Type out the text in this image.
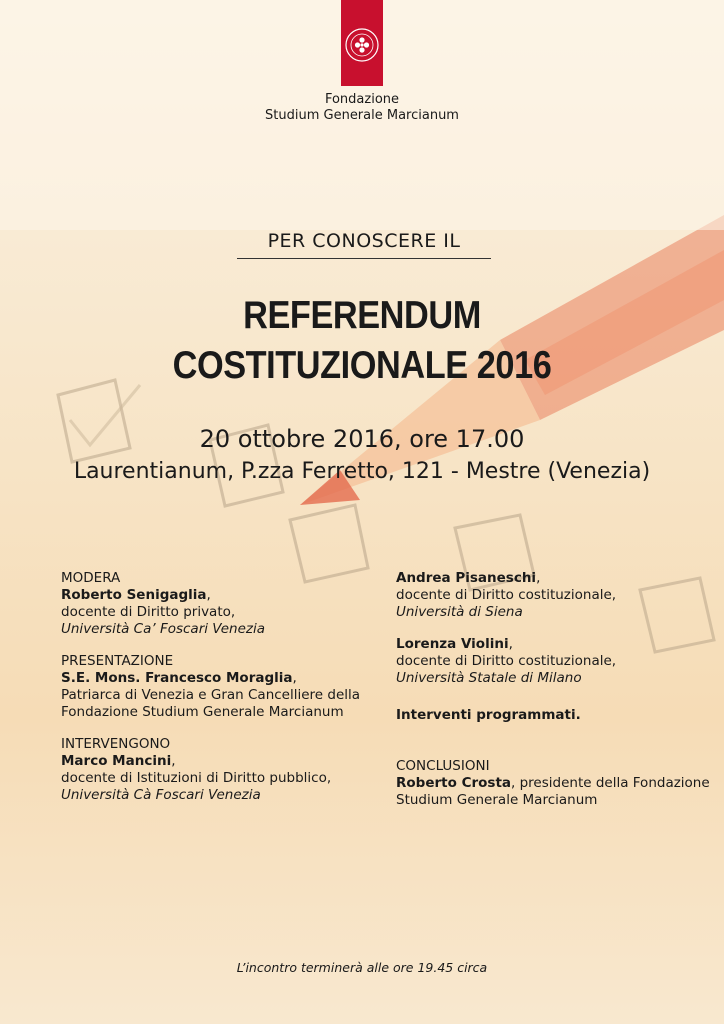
Fondazione
Studium Generale Marcianum
PER CONOSCERE IL
REFERENDUM
COSTITUZIONALE 2016
20 ottobre 2016, ore 17.00
Laurentianum, P.zza Ferretto, 121 - Mestre (Venezia)
MODERA
Roberto Senigaglia,
docente di Diritto privato,
Università Ca’ Foscari Venezia
PRESENTAZIONE
S.E. Mons. Francesco Moraglia,
Patriarca di Venezia e Gran Cancelliere della
Fondazione Studium Generale Marcianum
INTERVENGONO
Marco Mancini,
docente di Istituzioni di Diritto pubblico,
Università Cà Foscari Venezia
Andrea Pisaneschi,
docente di Diritto costituzionale,
Università di Siena
Lorenza Violini,
docente di Diritto costituzionale,
Università Statale di Milano
Interventi programmati.
CONCLUSIONI
Roberto Crosta, presidente della Fondazione
Studium Generale Marcianum
L’incontro terminerà alle ore 19.45 circa
